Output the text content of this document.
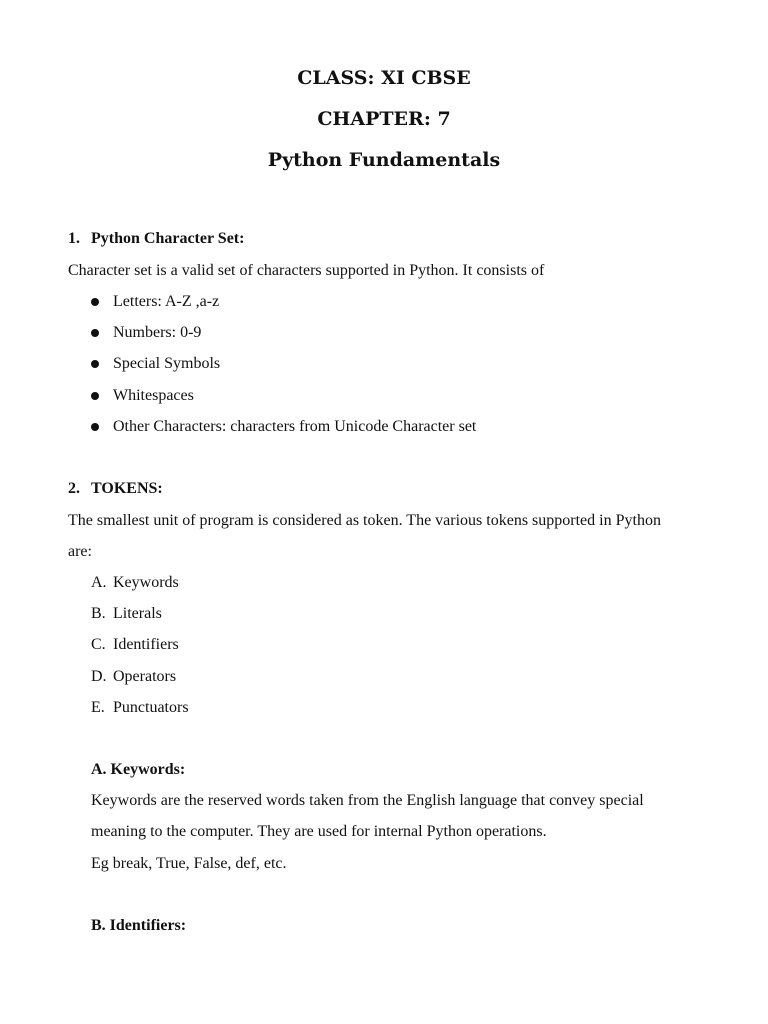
CLASS: XI CBSE
CHAPTER: 7
Python Fundamentals

1. Python Character Set:

Character set is a valid set of characters supported in Python. It consists of

Letters: A-Z ,a-z

Numbers: 0-9

Special Symbols

Whitespaces

Other Characters: characters from Unicode Character set

2. TOKENS:

The smallest unit of program is considered as token. The various tokens supported in Python

are:

A. Keywords

B. Literals

C. Identifiers

D. Operators

E. Punctuators

A. Keywords:

Keywords are the reserved words taken from the English language that convey special

meaning to the computer. They are used for internal Python operations.

Eg break, True, False, def, etc.

B. Identifiers:
